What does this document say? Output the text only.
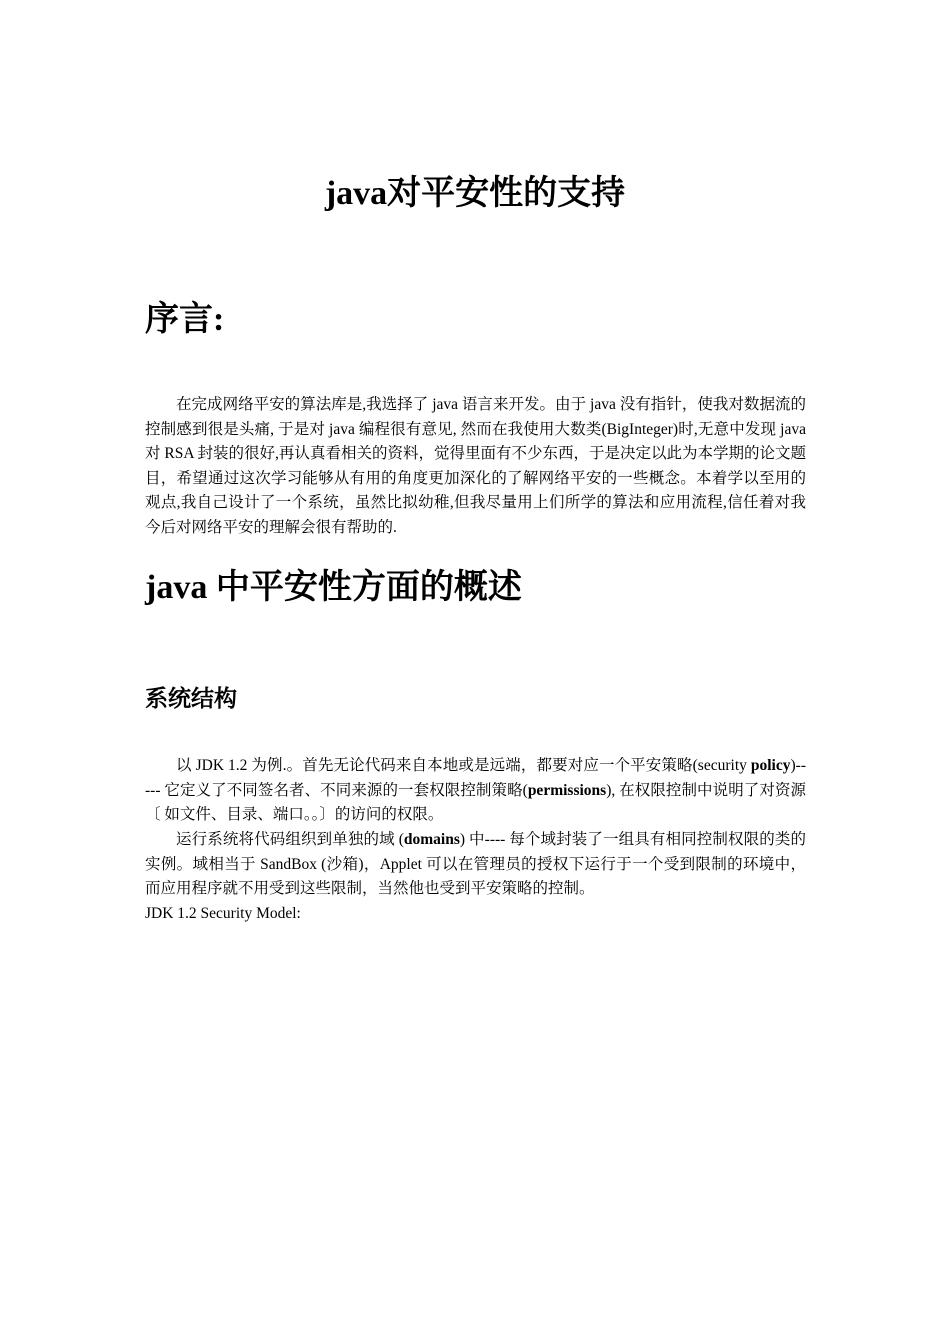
java对平安性的支持
序言:

在完成网络平安的算法库是,我选择了 java 语言来开发。由于 java 没有指针，使我对数据流的控制感到很是头痛, 于是对 java 编程很有意见, 然而在我使用大数类(BigInteger)时,无意中发现 java 对 RSA 封装的很好,再认真看相关的资料，觉得里面有不少东西，于是决定以此为本学期的论文题目，希望通过这次学习能够从有用的角度更加深化的了解网络平安的一些概念。本着学以至用的观点,我自己设计了一个系统，虽然比拟幼稚,但我尽量用上们所学的算法和应用流程,信任着对我今后对网络平安的理解会很有帮助的.

java 中平安性方面的概述
系统结构

以 JDK 1.2 为例.。首先无论代码来自本地或是远端，都要对应一个平安策略(security policy)----- 它定义了不同签名者、不同来源的一套权限控制策略(permissions), 在权限控制中说明了对资源〔 如文件、目录、端口。。〕的访问的权限。

运行系统将代码组织到单独的域 (domains) 中---- 每个域封装了一组具有相同控制权限的类的实例。域相当于 SandBox (沙箱)，Applet 可以在管理员的授权下运行于一个受到限制的环境中，而应用程序就不用受到这些限制，当然他也受到平安策略的控制。

JDK 1.2 Security Model:
